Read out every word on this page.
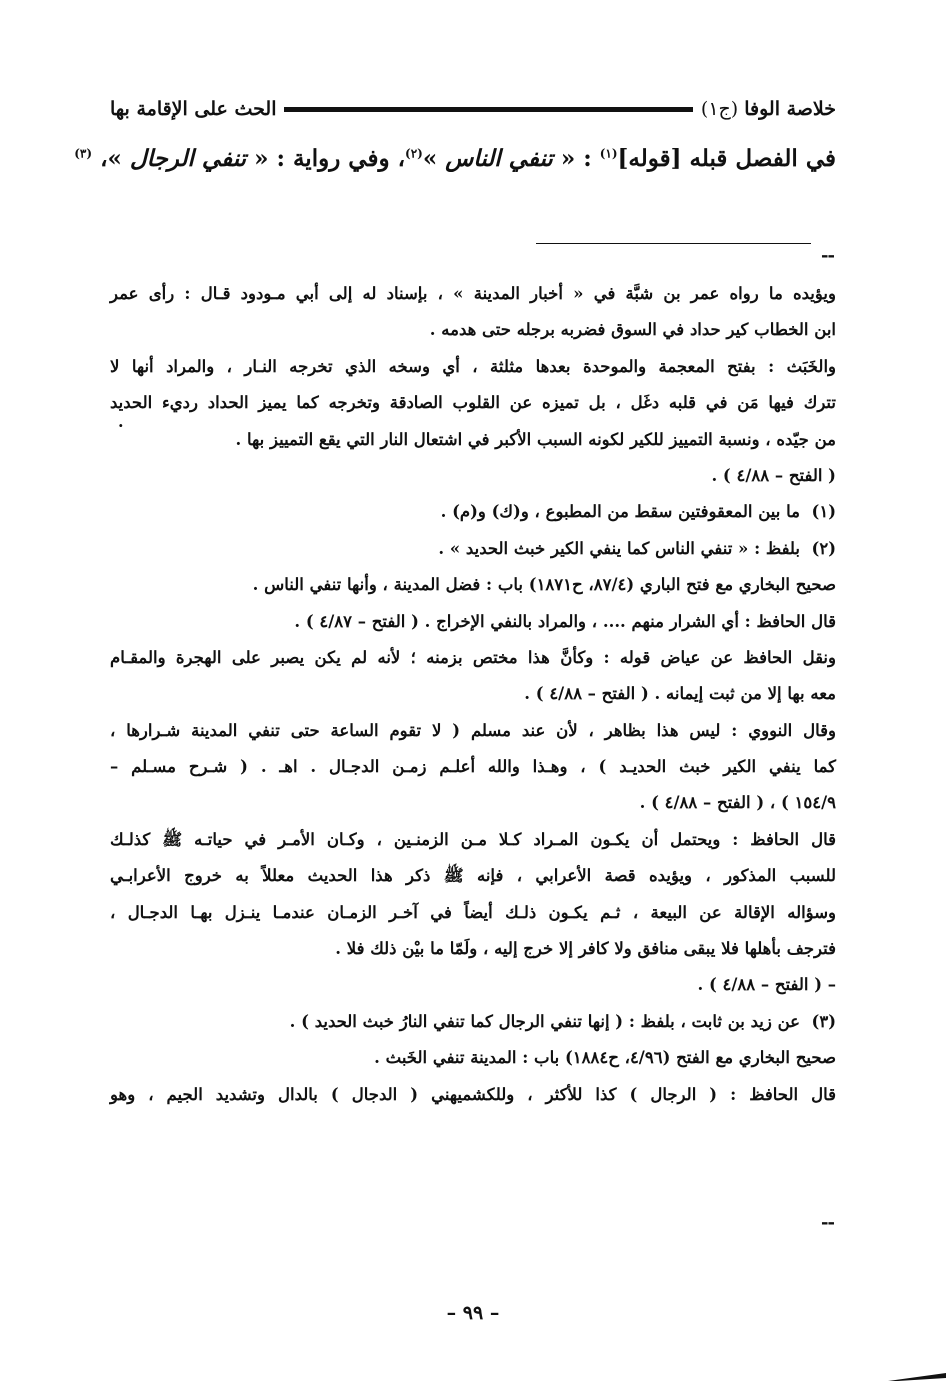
خلاصة الوفا
(ج١)
الحث على الإقامة بها
في الفصل قبله [قوله]$^{(١)}$ : « تنفي الناس »$^{(٢)}$، وفي رواية : « تنفي الرجال »، $^{(٣)}$
--
.
ويؤيده ما رواه عمر بن شبَّة في « أخبار المدينة » ، بإسناد له إلى أبي مـودود قـال : رأى عمر
ابن الخطاب كير حداد في السوق فضربه برجله حتى هدمه .
والخَبَث : بفتح المعجمة والموحدة بعدها مثلثة ، أي وسخه الذي تخرجه النـار ، والمراد أنها لا
تترك فيها مَن في قلبه دغَل ، بل تميزه عن القلوب الصادقة وتخرجه كما يميز الحداد رديء الحديد
من جيّده ، ونسبة التمييز للكير لكونه السبب الأكبر في اشتعال النار التي يقع التمييز بها .
( الفتح – ٤/٨٨ ) .
(١)ما بين المعقوفتين سقط من المطبوع ، و(ك) و(م) .
(٢)بلفظ : « تنفي الناس كما ينفي الكير خبث الحديد » .
صحيح البخاري مع فتح الباري (٨٧/٤، ح١٨٧١) باب : فضل المدينة ، وأنها تنفي الناس .
قال الحافظ : أي الشرار منهم .... ، والمراد بالنفي الإخراج . ( الفتح – ٤/٨٧ ) .
ونقل الحافظ عن عياض قوله : وكأنَّ هذا مختص بزمنه ؛ لأنه لم يكن يصبر على الهجرة والمقـام
معه بها إلا من ثبت إيمانه . ( الفتح – ٤/٨٨ ) .
وقال النووي : ليس هذا بظاهر ، لأن عند مسلم ( لا تقوم الساعة حتى تنفي المدينة شـرارها ،
كما ينفي الكير خبث الحديـد ) ، وهـذا والله أعلـم زمـن الدجـال . اهـ . ( شـرح مسـلم –
١٥٤/٩ ) ، ( الفتح – ٤/٨٨ ) .
قال الحافظ : ويحتمل أن يكـون المـراد كـلا مـن الزمنـين ، وكـان الأمـر في حياتـه ﷺ كذلـك
للسبب المذكور ، ويؤيده قصة الأعرابي ، فإنه ﷺ ذكر هذا الحديث معللاً به خروج الأعرابـي
وسؤاله الإقالة عن البيعة ، ثـم يكـون ذلـك أيضاً في آخـر الزمـان عندمـا ينـزل بهـا الدجـال ،
فترجف بأهلها فلا يبقى منافق ولا كافر إلا خرج إليه ، ولَمّا ما بيْن ذلك فلا .
– ( الفتح – ٤/٨٨ ) .
(٣)عن زيد بن ثابت ، بلفظ : ( إنها تنفي الرجال كما تنفي النارُ خبث الحديد ) .
صحيح البخاري مع الفتح (٤/٩٦، ح١٨٨٤) باب : المدينة تنفي الخَبث .
قال الحافظ : ( الرجال ) كذا للأكثر ، وللكشميهني ( الدجال ) بالدال وتشديد الجيم ، وهو
--
– ٩٩ –
